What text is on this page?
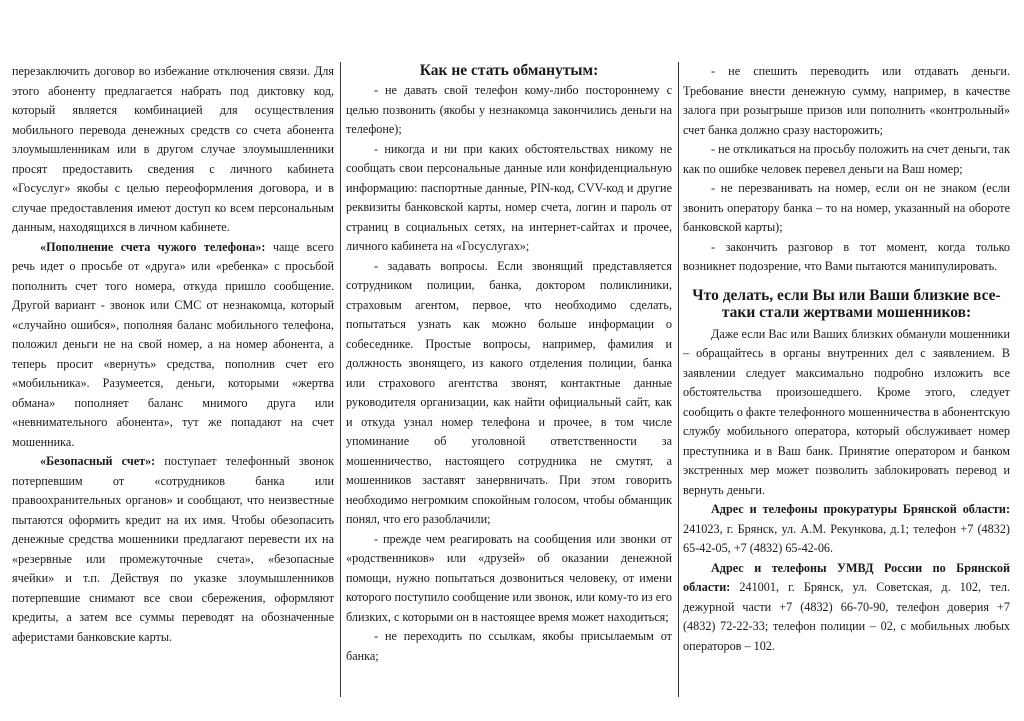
перезаключить договор во избежание отключения связи. Для этого абоненту предлагается набрать под диктовку код, который является комбинацией для осуществления мобильного перевода денежных средств со счета абонента злоумышленникам или в другом случае злоумышленники просят предоставить сведения с личного кабинета «Госуслуг» якобы с целью переоформления договора, и в случае предоставления имеют доступ ко всем персональным данным, находящихся в личном кабинете.

«Пополнение счета чужого телефона»: чаще всего речь идет о просьбе от «друга» или «ребенка» с просьбой пополнить счет того номера, откуда пришло сообщение. Другой вариант - звонок или СМС от незнакомца, который «случайно ошибся», пополняя баланс мобильного телефона, положил деньги не на свой номер, а на номер абонента, а теперь просит «вернуть» средства, пополнив счет его «мобильника». Разумеется, деньги, которыми «жертва обмана» пополняет баланс мнимого друга или «невнимательного абонента», тут же попадают на счет мошенника.

«Безопасный счет»: поступает телефонный звонок потерпевшим от «сотрудников банка или правоохранительных органов» и сообщают, что неизвестные пытаются оформить кредит на их имя. Чтобы обезопасить денежные средства мошенники предлагают перевести их на «резервные или промежуточные счета», «безопасные ячейки» и т.п. Действуя по указке злоумышленников потерпевшие снимают все свои сбережения, оформляют кредиты, а затем все суммы переводят на обозначенные аферистами банковские карты.

Как не стать обманутым:

- не давать свой телефон кому-либо постороннему с целью позвонить (якобы у незнакомца закончились деньги на телефоне);

- никогда и ни при каких обстоятельствах никому не сообщать свои персональные данные или конфиденциальную информацию: паспортные данные, PIN-код, CVV-код и другие реквизиты банковской карты, номер счета, логин и пароль от страниц в социальных сетях, на интернет-сайтах и прочее, личного кабинета на «Госуслугах»;

- задавать вопросы. Если звонящий представляется сотрудником полиции, банка, доктором поликлиники, страховым агентом, первое, что необходимо сделать, попытаться узнать как можно больше информации о собеседнике. Простые вопросы, например, фамилия и должность звонящего, из какого отделения полиции, банка или страхового агентства звонят, контактные данные руководителя организации, как найти официальный сайт, как и откуда узнал номер телефона и прочее, в том числе упоминание об уголовной ответственности за мошенничество, настоящего сотрудника не смутят, а мошенников заставят занервничать. При этом говорить необходимо негромким спокойным голосом, чтобы обманщик понял, что его разоблачили;

- прежде чем реагировать на сообщения или звонки от «родственников» или «друзей» об оказании денежной помощи, нужно попытаться дозвониться человеку, от имени которого поступило сообщение или звонок, или кому-то из его близких, с которыми он в настоящее время может находиться;

- не переходить по ссылкам, якобы присылаемым от банка;

- не спешить переводить или отдавать деньги. Требование внести денежную сумму, например, в качестве залога при розыгрыше призов или пополнить «контрольный» счет банка должно сразу насторожить;

- не откликаться на просьбу положить на счет деньги, так как по ошибке человек перевел деньги на Ваш номер;

- не перезванивать на номер, если он не знаком (если звонить оператору банка – то на номер, указанный на обороте банковской карты);

- закончить разговор в тот момент, когда только возникнет подозрение, что Вами пытаются манипулировать.

Что делать, если Вы или Ваши близкие все-таки стали жертвами мошенников:

Даже если Вас или Ваших близких обманули мошенники – обращайтесь в органы внутренних дел с заявлением. В заявлении следует максимально подробно изложить все обстоятельства произошедшего. Кроме этого, следует сообщить о факте телефонного мошенничества в абонентскую службу мобильного оператора, который обслуживает номер преступника и в Ваш банк. Принятие оператором и банком экстренных мер может позволить заблокировать перевод и вернуть деньги.

Адрес и телефоны прокуратуры Брянской области: 241023, г. Брянск, ул. А.М. Рекункова, д.1; телефон +7 (4832) 65-42-05, +7 (4832) 65-42-06.

Адрес и телефоны УМВД России по Брянской области: 241001, г. Брянск, ул. Советская, д. 102, тел. дежурной части +7 (4832) 66-70-90, телефон доверия +7 (4832) 72-22-33; телефон полиции – 02, с мобильных любых операторов – 102.
